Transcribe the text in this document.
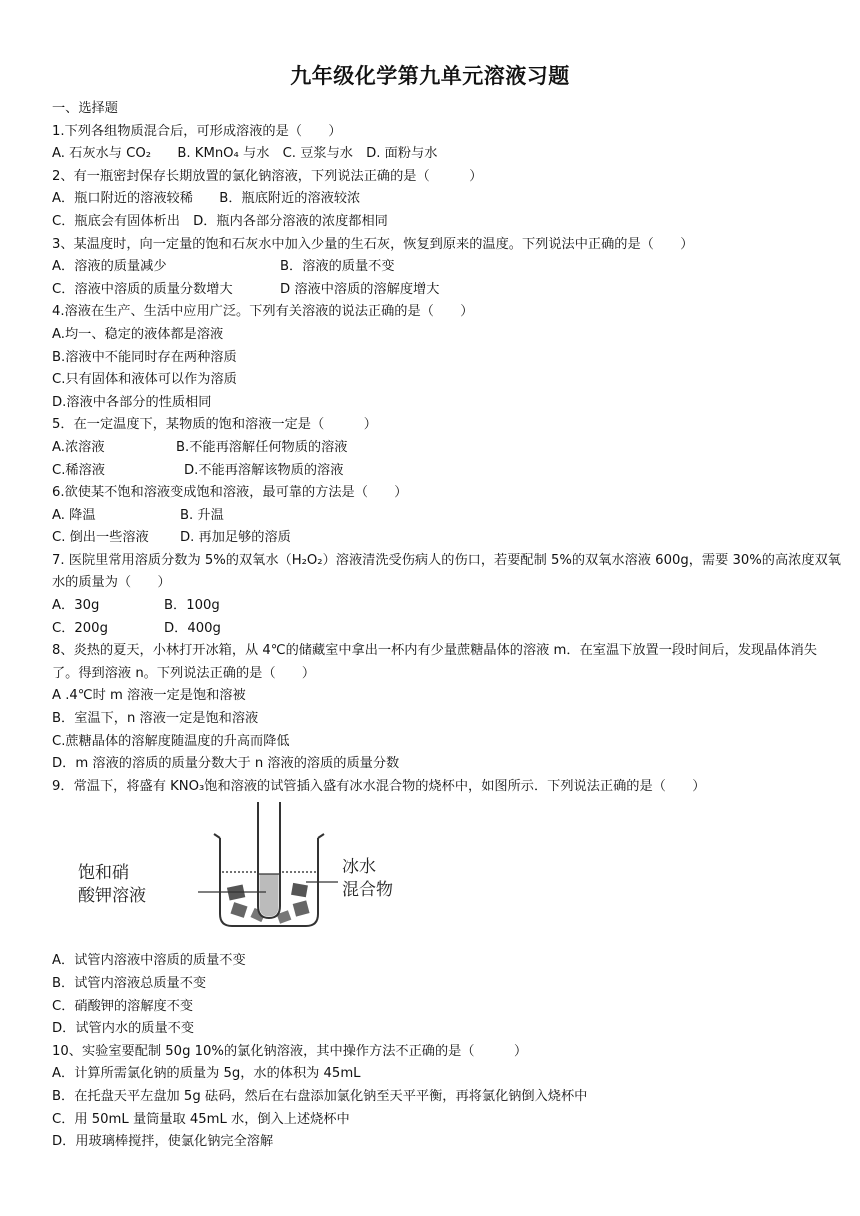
九年级化学第九单元溶液习题
一、选择题
1.下列各组物质混合后，可形成溶液的是（　　）
A. 石灰水与 CO₂　　B. KMnO₄ 与水　C. 豆浆与水　D. 面粉与水
2、有一瓶密封保存长期放置的氯化钠溶液，下列说法正确的是（　　　）
A．瓶口附近的溶液较稀　　B．瓶底附近的溶液较浓
C．瓶底会有固体析出　D．瓶内各部分溶液的浓度都相同
3、某温度时，向一定量的饱和石灰水中加入少量的生石灰，恢复到原来的温度。下列说法中正确的是（　　）
A．溶液的质量减少	B．溶液的质量不变
C．溶液中溶质的质量分数增大	D 溶液中溶质的溶解度增大
4.溶液在生产、生活中应用广泛。下列有关溶液的说法正确的是（　　）
A.均一、稳定的液体都是溶液
B.溶液中不能同时存在两种溶质
C.只有固体和液体可以作为溶质
D.溶液中各部分的性质相同
5．在一定温度下，某物质的饱和溶液一定是（　　　）
A.浓溶液	B.不能再溶解任何物质的溶液
C.稀溶液	D.不能再溶解该物质的溶液
6.欲使某不饱和溶液变成饱和溶液，最可靠的方法是（　　）
A. 降温	B. 升温
C. 倒出一些溶液 D. 再加足够的溶质
7. 医院里常用溶质分数为 5%的双氧水（H₂O₂）溶液清洗受伤病人的伤口，若要配制 5%的双氧水溶液 600g，需要 30%的高浓度双氧水的质量为（　　）
A．30g	B．100g
C．200g	D．400g
8、炎热的夏天，小林打开冰箱，从 4℃的储藏室中拿出一杯内有少量蔗糖晶体的溶液 m．在室温下放置一段时间后，发现晶体消失了。得到溶液 n。下列说法正确的是（　　）
A .4℃时 m 溶液一定是饱和溶被
B．室温下，n 溶液一定是饱和溶液
C.蔗糖晶体的溶解度随温度的升高而降低
D．m 溶液的溶质的质量分数大于 n 溶液的溶质的质量分数
9．常温下，将盛有 KNO₃饱和溶液的试管插入盛有冰水混合物的烧杯中，如图所示．下列说法正确的是（　　）
饱和硝
酸钾溶液
冰水
混合物
A．试管内溶液中溶质的质量不变
B．试管内溶液总质量不变
C．硝酸钾的溶解度不变
D．试管内水的质量不变
10、实验室要配制 50g 10%的氯化钠溶液，其中操作方法不正确的是（　　　）
A．计算所需氯化钠的质量为 5g，水的体积为 45mL
B．在托盘天平左盘加 5g 砝码，然后在右盘添加氯化钠至天平平衡，再将氯化钠倒入烧杯中
C．用 50mL 量筒量取 45mL 水，倒入上述烧杯中
D．用玻璃棒搅拌，使氯化钠完全溶解
